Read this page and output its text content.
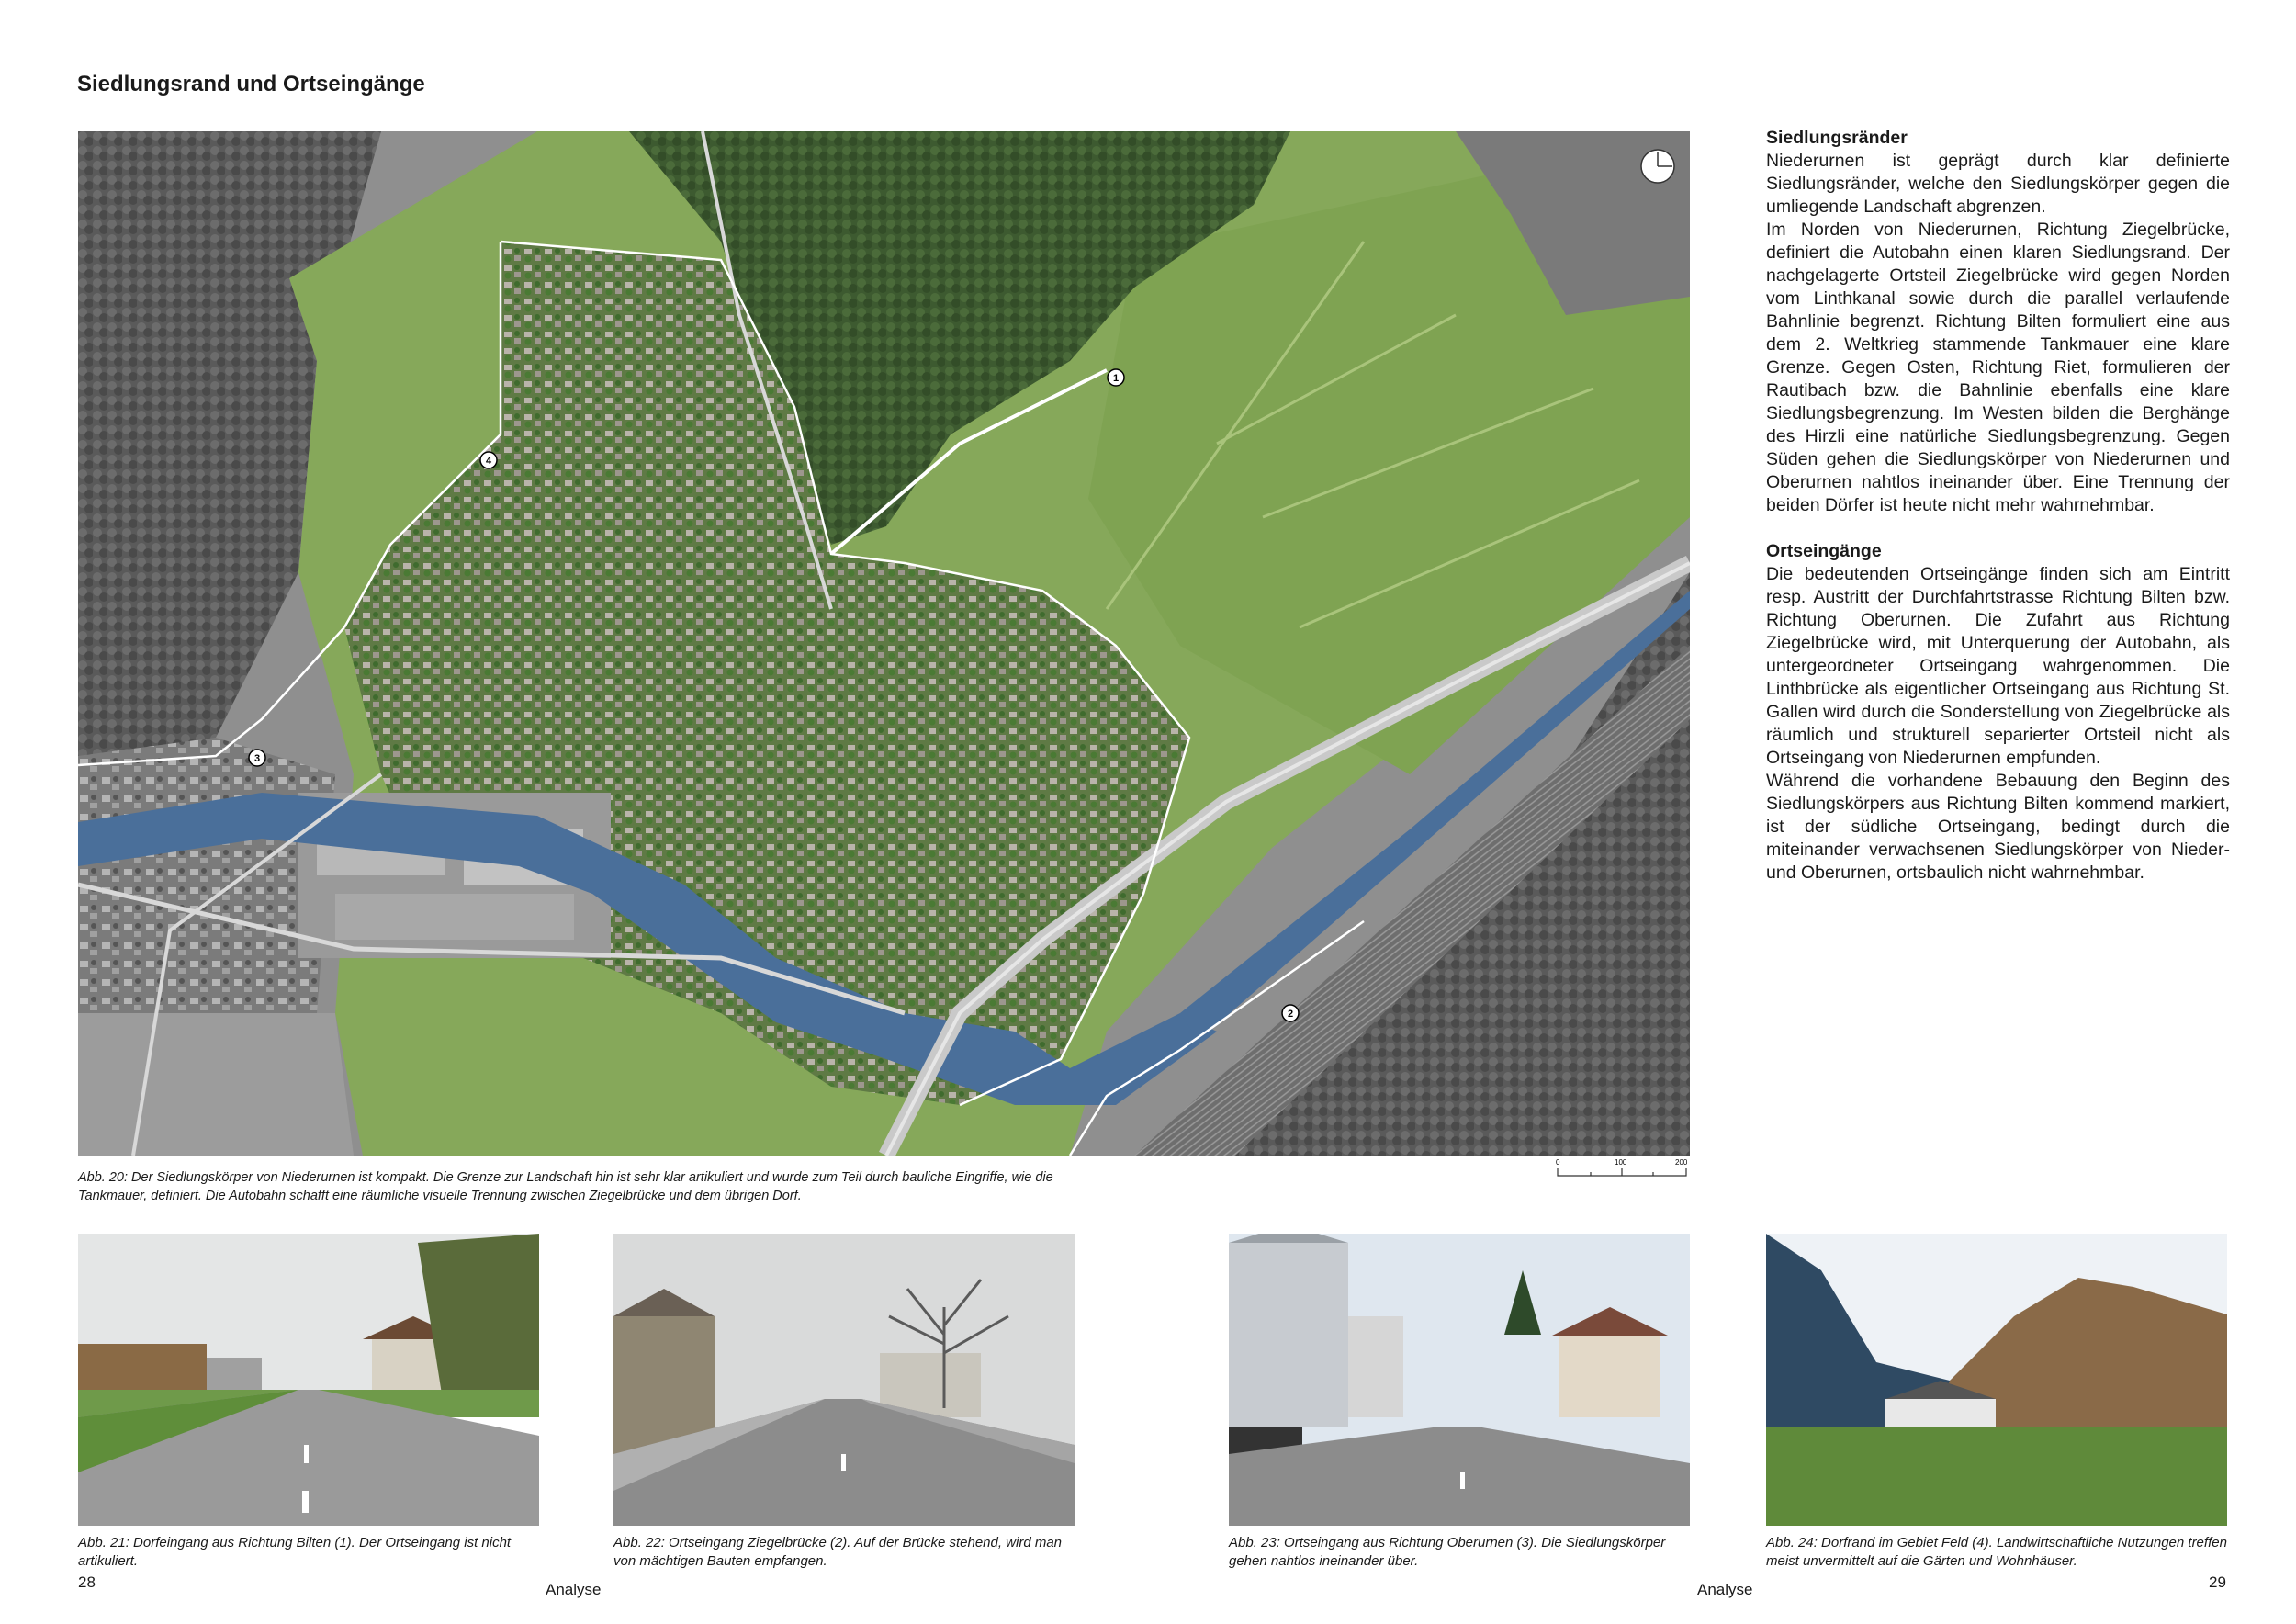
Siedlungsrand und Ortseingänge
1
2
3
4
Abb. 20: Der Siedlungskörper von Niederurnen ist kompakt. Die Grenze zur Landschaft hin ist sehr klar artikuliert und wurde zum Teil durch bauliche Eingriffe, wie die Tankmauer, definiert. Die Autobahn schafft eine räumliche visuelle Trennung zwischen Ziegelbrücke und dem übrigen Dorf.
0	100	200
Siedlungsränder

Niederurnen ist geprägt durch klar definierte Siedlungsränder, welche den Siedlungskörper gegen die umliegende Landschaft abgrenzen.

Im Norden von Niederurnen, Richtung Ziegelbrücke, definiert die Autobahn einen klaren Siedlungsrand. Der nachgelagerte Ortsteil Ziegelbrücke wird gegen Norden vom Linthkanal sowie durch die parallel verlaufende Bahnlinie begrenzt. Richtung Bilten formuliert eine aus dem 2. Weltkrieg stammende Tankmauer eine klare Grenze. Gegen Osten, Richtung Riet, formulieren der Rautibach bzw. die Bahnlinie ebenfalls eine klare Siedlungsbegrenzung. Im Westen bilden die Berghänge des Hirzli eine natürliche Siedlungsbegrenzung. Gegen Süden gehen die Siedlungskörper von Niederurnen und Oberurnen nahtlos ineinander über. Eine Trennung der beiden Dörfer ist heute nicht mehr wahrnehmbar.

Ortseingänge

Die bedeutenden Ortseingänge finden sich am Eintritt resp. Austritt der Durchfahrtstrasse Richtung Bilten bzw. Richtung Oberurnen. Die Zufahrt aus Richtung Ziegelbrücke wird, mit Unterquerung der Autobahn, als untergeordneter Ortseingang wahrgenommen. Die Linthbrücke als eigentlicher Ortseingang aus Richtung St. Gallen wird durch die Sonderstellung von Ziegelbrücke als räumlich und strukturell separierter Ortsteil nicht als Ortseingang von Niederurnen empfunden.

Während die vorhandene Bebauung den Beginn des Siedlungskörpers aus Richtung Bilten kommend markiert, ist der südliche Ortseingang, bedingt durch die miteinander verwachsenen Siedlungskörper von Nieder- und Oberurnen, ortsbaulich nicht wahrnehmbar.

Abb. 21: Dorfeingang aus Richtung Bilten (1). Der Ortseingang ist nicht artikuliert.
Abb. 22: Ortseingang Ziegelbrücke (2). Auf der Brücke stehend, wird man von mächtigen Bauten empfangen.
Abb. 23: Ortseingang aus Richtung Oberurnen (3). Die Siedlungskörper gehen nahtlos ineinander über.
Abb. 24: Dorfrand im Gebiet Feld (4). Landwirtschaftliche Nutzungen treffen meist unvermittelt auf die Gärten und Wohnhäuser.
28	Analyse	Analyse	29
